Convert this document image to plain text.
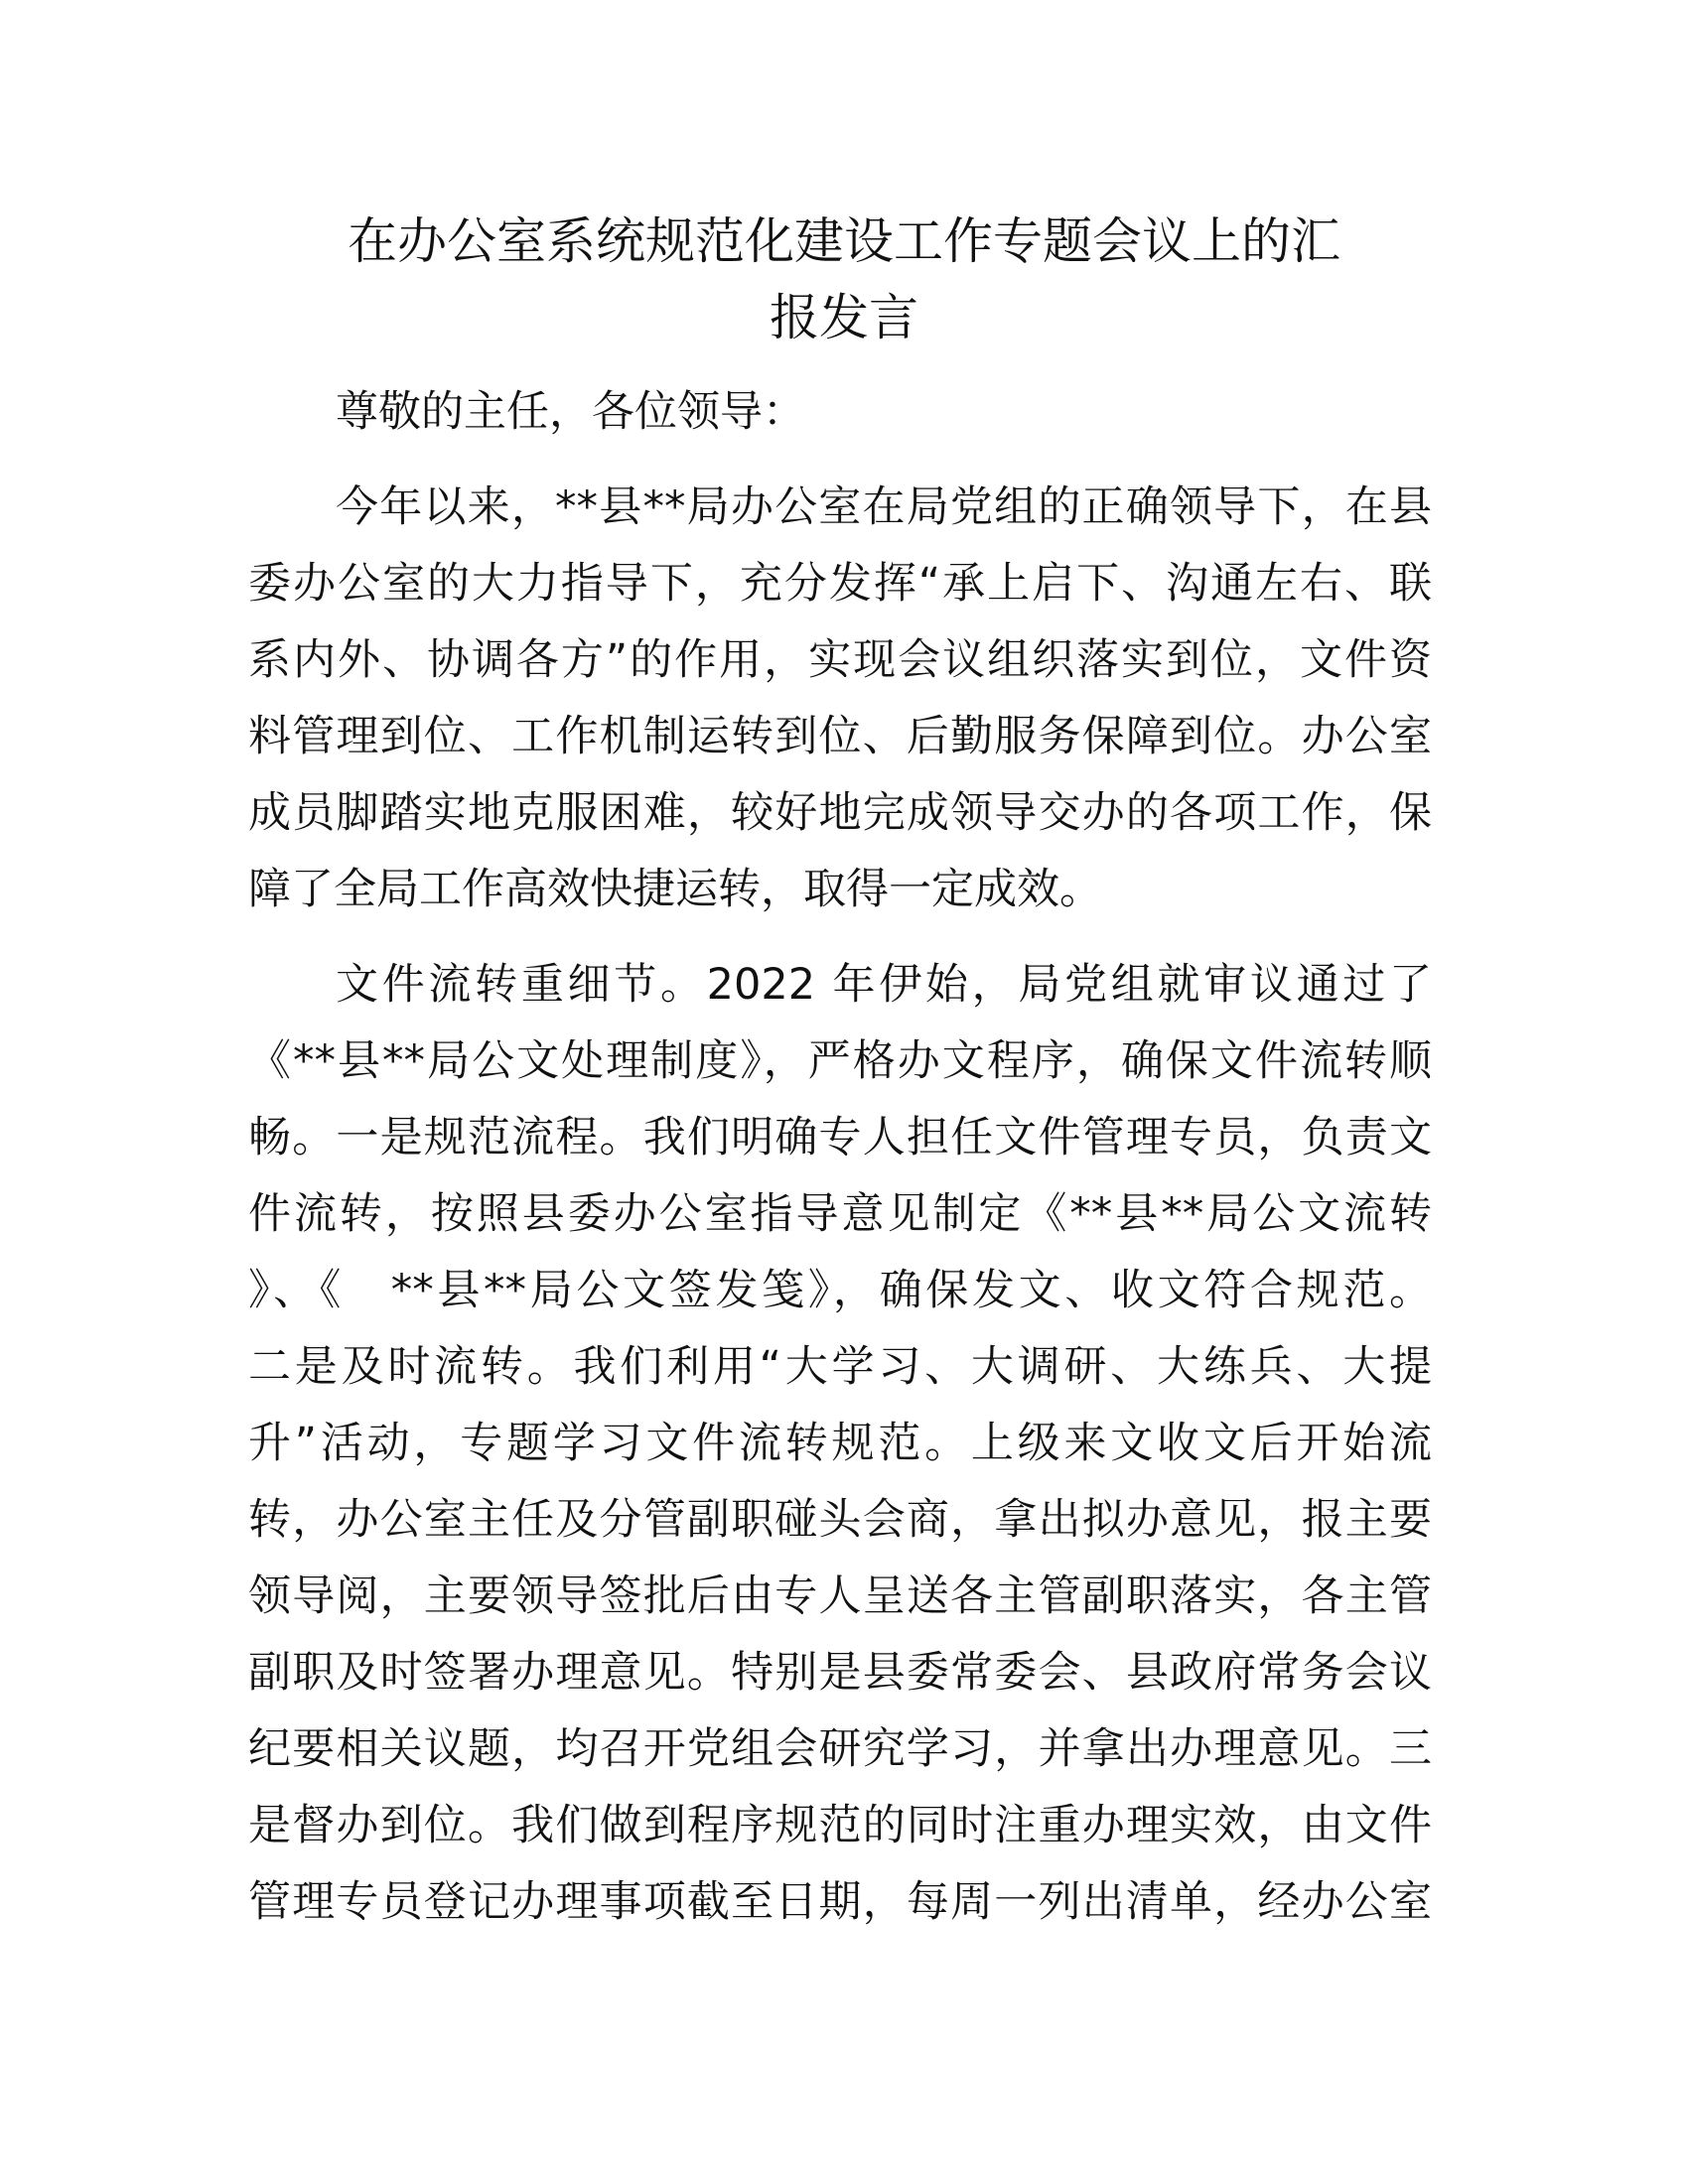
在办公室系统规范化建设工作专题会议上的汇
报发言
尊敬的主任，各位领导：
今年以来，**县**局办公室在局党组的正确领导下，在县
委办公室的大力指导下，充分发挥“承上启下、沟通左右、联
系内外、协调各方”的作用，实现会议组织落实到位，文件资
料管理到位、工作机制运转到位、后勤服务保障到位。办公室
成员脚踏实地克服困难，较好地完成领导交办的各项工作，保
障了全局工作高效快捷运转，取得一定成效。
文件流转重细节。2022 年伊始，局党组就审议通过了
《**县**局公文处理制度》，严格办文程序，确保文件流转顺
畅。一是规范流程。我们明确专人担任文件管理专员，负责文
件流转，按照县委办公室指导意见制定《**县**局公文流转
》、《　**县**局公文签发笺》，确保发文、收文符合规范。
二是及时流转。我们利用“大学习、大调研、大练兵、大提
升”活动，专题学习文件流转规范。上级来文收文后开始流
转，办公室主任及分管副职碰头会商，拿出拟办意见，报主要
领导阅，主要领导签批后由专人呈送各主管副职落实，各主管
副职及时签署办理意见。特别是县委常委会、县政府常务会议
纪要相关议题，均召开党组会研究学习，并拿出办理意见。三
是督办到位。我们做到程序规范的同时注重办理实效，由文件
管理专员登记办理事项截至日期，每周一列出清单，经办公室
